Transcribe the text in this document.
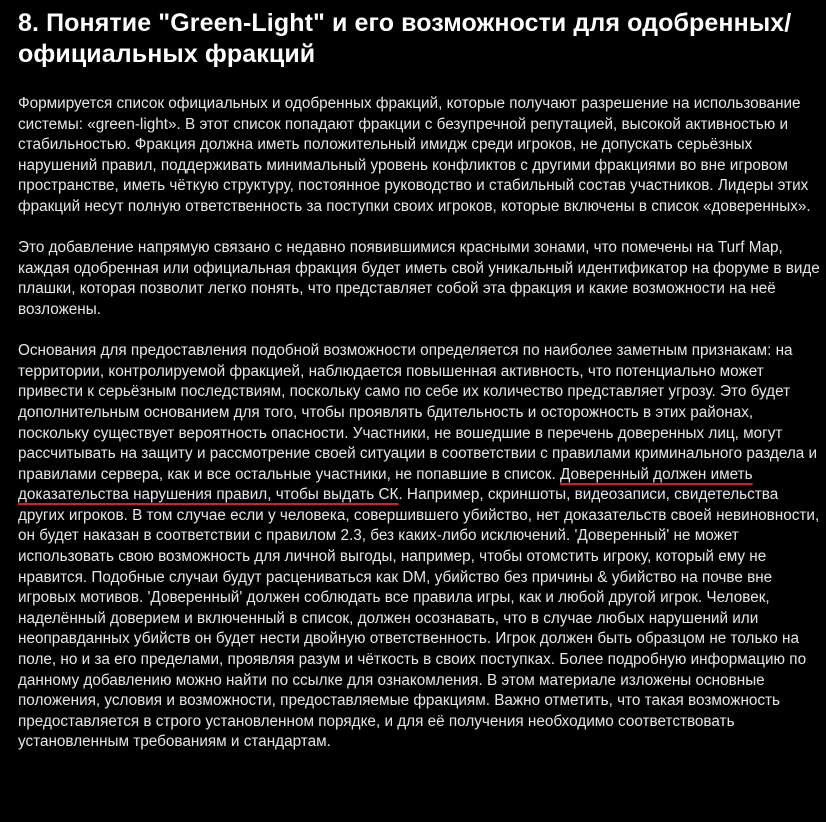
8. Понятие "Green-Light" и его возможности для одобренных/ официальных фракций

Формируется список официальных и одобренных фракций, которые получают разрешение на использование системы: «green-light». В этот список попадают фракции с безупречной репутацией, высокой активностью и стабильностью. Фракция должна иметь положительный имидж среди игроков, не допускать серьёзных нарушений правил, поддерживать минимальный уровень конфликтов с другими фракциями во вне игровом пространстве, иметь чёткую структуру, постоянное руководство и стабильный состав участников. Лидеры этих фракций несут полную ответственность за поступки своих игроков, которые включены в список «доверенных».

Это добавление напрямую связано с недавно появившимися красными зонами, что помечены на Turf Map, каждая одобренная или официальная фракция будет иметь свой уникальный идентификатор на форуме в виде плашки, которая позволит легко понять, что представляет собой эта фракция и какие возможности на неё возложены.

Основания для предоставления подобной возможности определяется по наиболее заметным признакам: на территории, контролируемой фракцией, наблюдается повышенная активность, что потенциально может привести к серьёзным последствиям, поскольку само по себе их количество представляет угрозу. Это будет дополнительным основанием для того, чтобы проявлять бдительность и осторожность в этих районах, поскольку существует вероятность опасности. Участники, не вошедшие в перечень доверенных лиц, могут рассчитывать на защиту и рассмотрение своей ситуации в соответствии с правилами криминального раздела и правилами сервера, как и все остальные участники, не попавшие в список. Доверенный должен иметь доказательства нарушения правил, чтобы выдать СК. Например, скриншоты, видеозаписи, свидетельства других игроков. В том случае если у человека, совершившего убийство, нет доказательств своей невиновности, он будет наказан в соответствии с правилом 2.3, без каких-либо исключений. 'Доверенный' не может использовать свою возможность для личной выгоды, например, чтобы отомстить игроку, который ему не нравится. Подобные случаи будут расцениваться как DM, убийство без причины & убийство на почве вне игровых мотивов. 'Доверенный' должен соблюдать все правила игры, как и любой другой игрок. Человек, наделённый доверием и включенный в список, должен осознавать, что в случае любых нарушений или неоправданных убийств он будет нести двойную ответственность. Игрок должен быть образцом не только на поле, но и за его пределами, проявляя разум и чёткость в своих поступках. Более подробную информацию по данному добавлению можно найти по ссылке для ознакомления. В этом материале изложены основные положения, условия и возможности, предоставляемые фракциям. Важно отметить, что такая возможность предоставляется в строго установленном порядке, и для её получения необходимо соответствовать установленным требованиям и стандартам.
